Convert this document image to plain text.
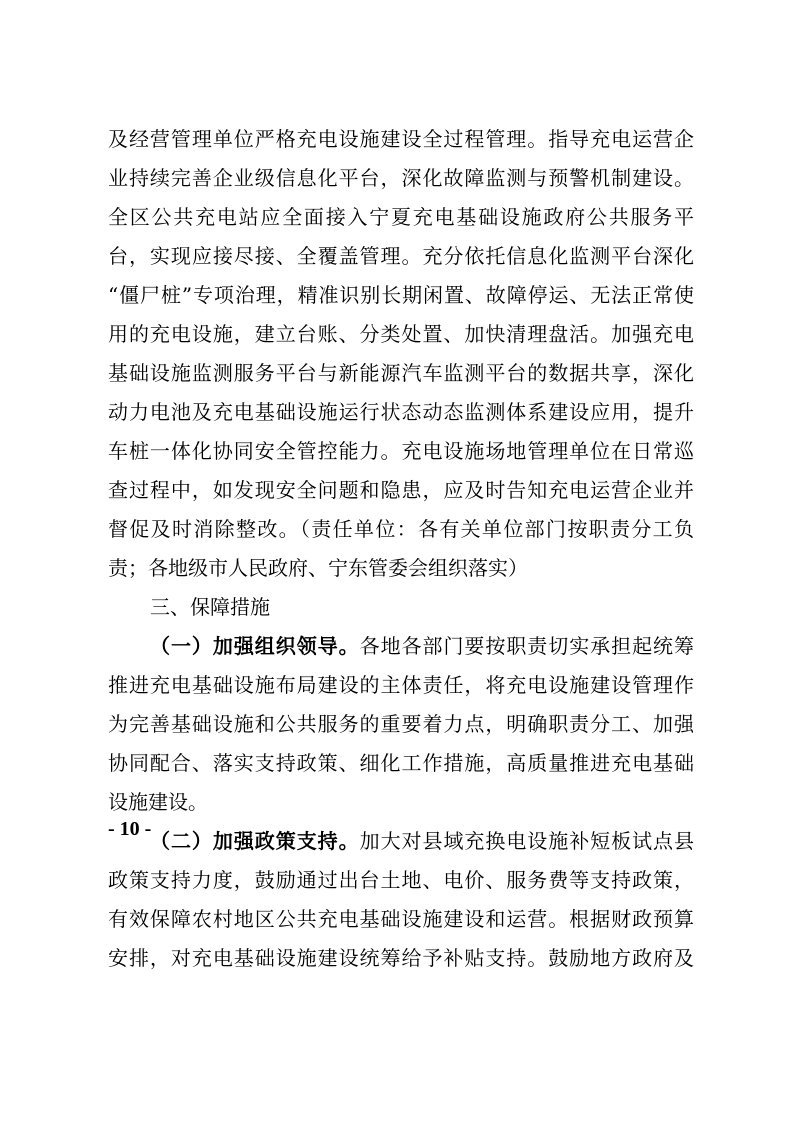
及经营管理单位严格充电设施建设全过程管理。指导充电运营企
业持续完善企业级信息化平台，深化故障监测与预警机制建设。
全区公共充电站应全面接入宁夏充电基础设施政府公共服务平
台，实现应接尽接、全覆盖管理。充分依托信息化监测平台深化
“僵尸桩”专项治理，精准识别长期闲置、故障停运、无法正常使
用的充电设施，建立台账、分类处置、加快清理盘活。加强充电
基础设施监测服务平台与新能源汽车监测平台的数据共享，深化
动力电池及充电基础设施运行状态动态监测体系建设应用，提升
车桩一体化协同安全管控能力。充电设施场地管理单位在日常巡
查过程中，如发现安全问题和隐患，应及时告知充电运营企业并
督促及时消除整改。（责任单位：各有关单位部门按职责分工负
责；各地级市人民政府、宁东管委会组织落实）
三、保障措施
（一）加强组织领导。各地各部门要按职责切实承担起统筹
推进充电基础设施布局建设的主体责任，将充电设施建设管理作
为完善基础设施和公共服务的重要着力点，明确职责分工、加强
协同配合、落实支持政策、细化工作措施，高质量推进充电基础
设施建设。
（二）加强政策支持。加大对县域充换电设施补短板试点县
政策支持力度，鼓励通过出台土地、电价、服务费等支持政策，
有效保障农村地区公共充电基础设施建设和运营。根据财政预算
安排，对充电基础设施建设统筹给予补贴支持。鼓励地方政府及
- 10 -
